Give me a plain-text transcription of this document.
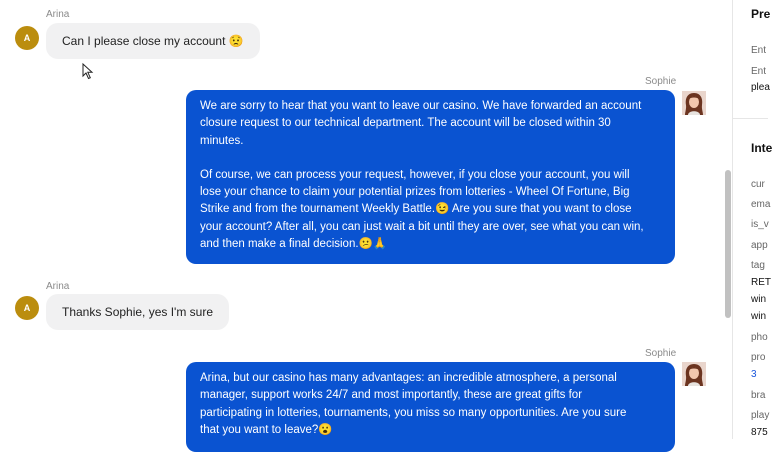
Arina
A	Can I please close my account 😟
Sophie

We are sorry to hear that you want to leave our casino. We have forwarded an account
closure request to our technical department. The account will be closed within 30
minutes.

Of course, we can process your request, however, if you close your account, you will
lose your chance to claim your potential prizes from lotteries - Wheel Of Fortune, Big
Strike and from the tournament Weekly Battle.😉 Are you sure that you want to close
your account? After all, you can just wait a bit until they are over, see what you can win,
and then make a final decision.😕🙏

Arina
A	Thanks Sophie, yes I'm sure
Sophie

Arina, but our casino has many advantages: an incredible atmosphere, a personal
manager, support works 24/7 and most importantly, these are great gifts for
participating in lotteries, tournaments, you miss so many opportunities. Are you sure
that you want to leave?😮

Pre
Ent
Ent
plea
Inte
cur
ema
is_v
app
tag
RET
win
win
pho
pro
3
bra
play
875
